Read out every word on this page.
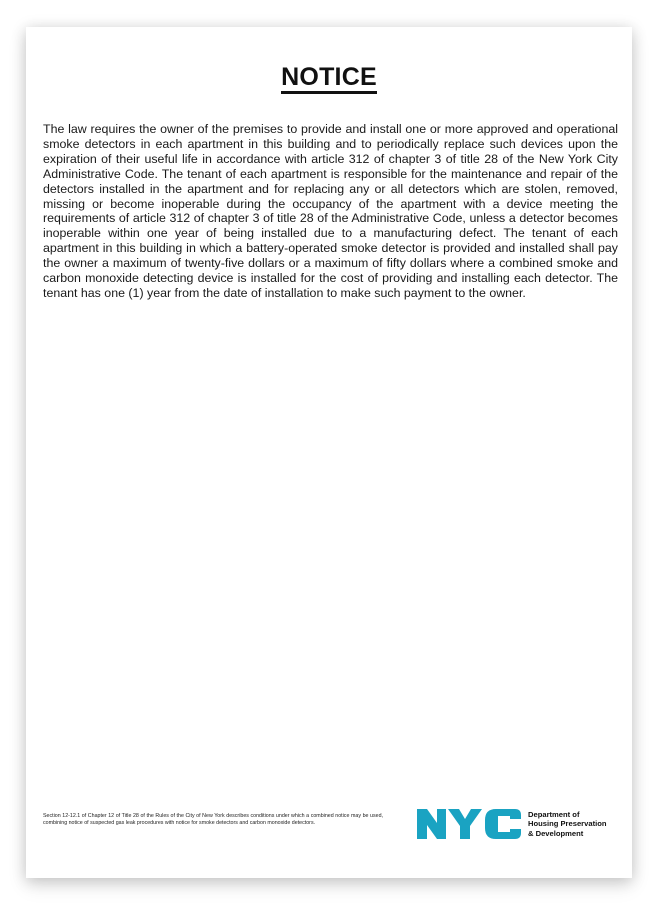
NOTICE

The law requires the owner of the premises to provide and install one or more approved and operational smoke detectors in each apartment in this building and to periodically replace such devices upon the expiration of their useful life in accordance with article 312 of chapter 3 of title 28 of the New York City Administrative Code. The tenant of each apartment is responsible for the maintenance and repair of the detectors installed in the apartment and for replacing any or all detectors which are stolen, removed, missing or become inoperable during the occupancy of the apartment with a device meeting the requirements of article 312 of chapter 3 of title 28 of the Administrative Code, unless a detector becomes inoperable within one year of being installed due to a manufacturing defect. The tenant of each apartment in this building in which a battery-operated smoke detector is provided and installed shall pay the owner a maximum of twenty-five dollars or a maximum of fifty dollars where a combined smoke and carbon monoxide detecting device is installed for the cost of providing and installing each detector. The tenant has one (1) year from the date of installation to make such payment to the owner.

Section 12-12.1 of Chapter 12 of Title 28 of the Rules of the City of New York describes conditions under which a combined notice may be used, combining notice of suspected gas leak procedures with notice for smoke detectors and carbon monoxide detectors.

Department of
Housing Preservation
& Development
